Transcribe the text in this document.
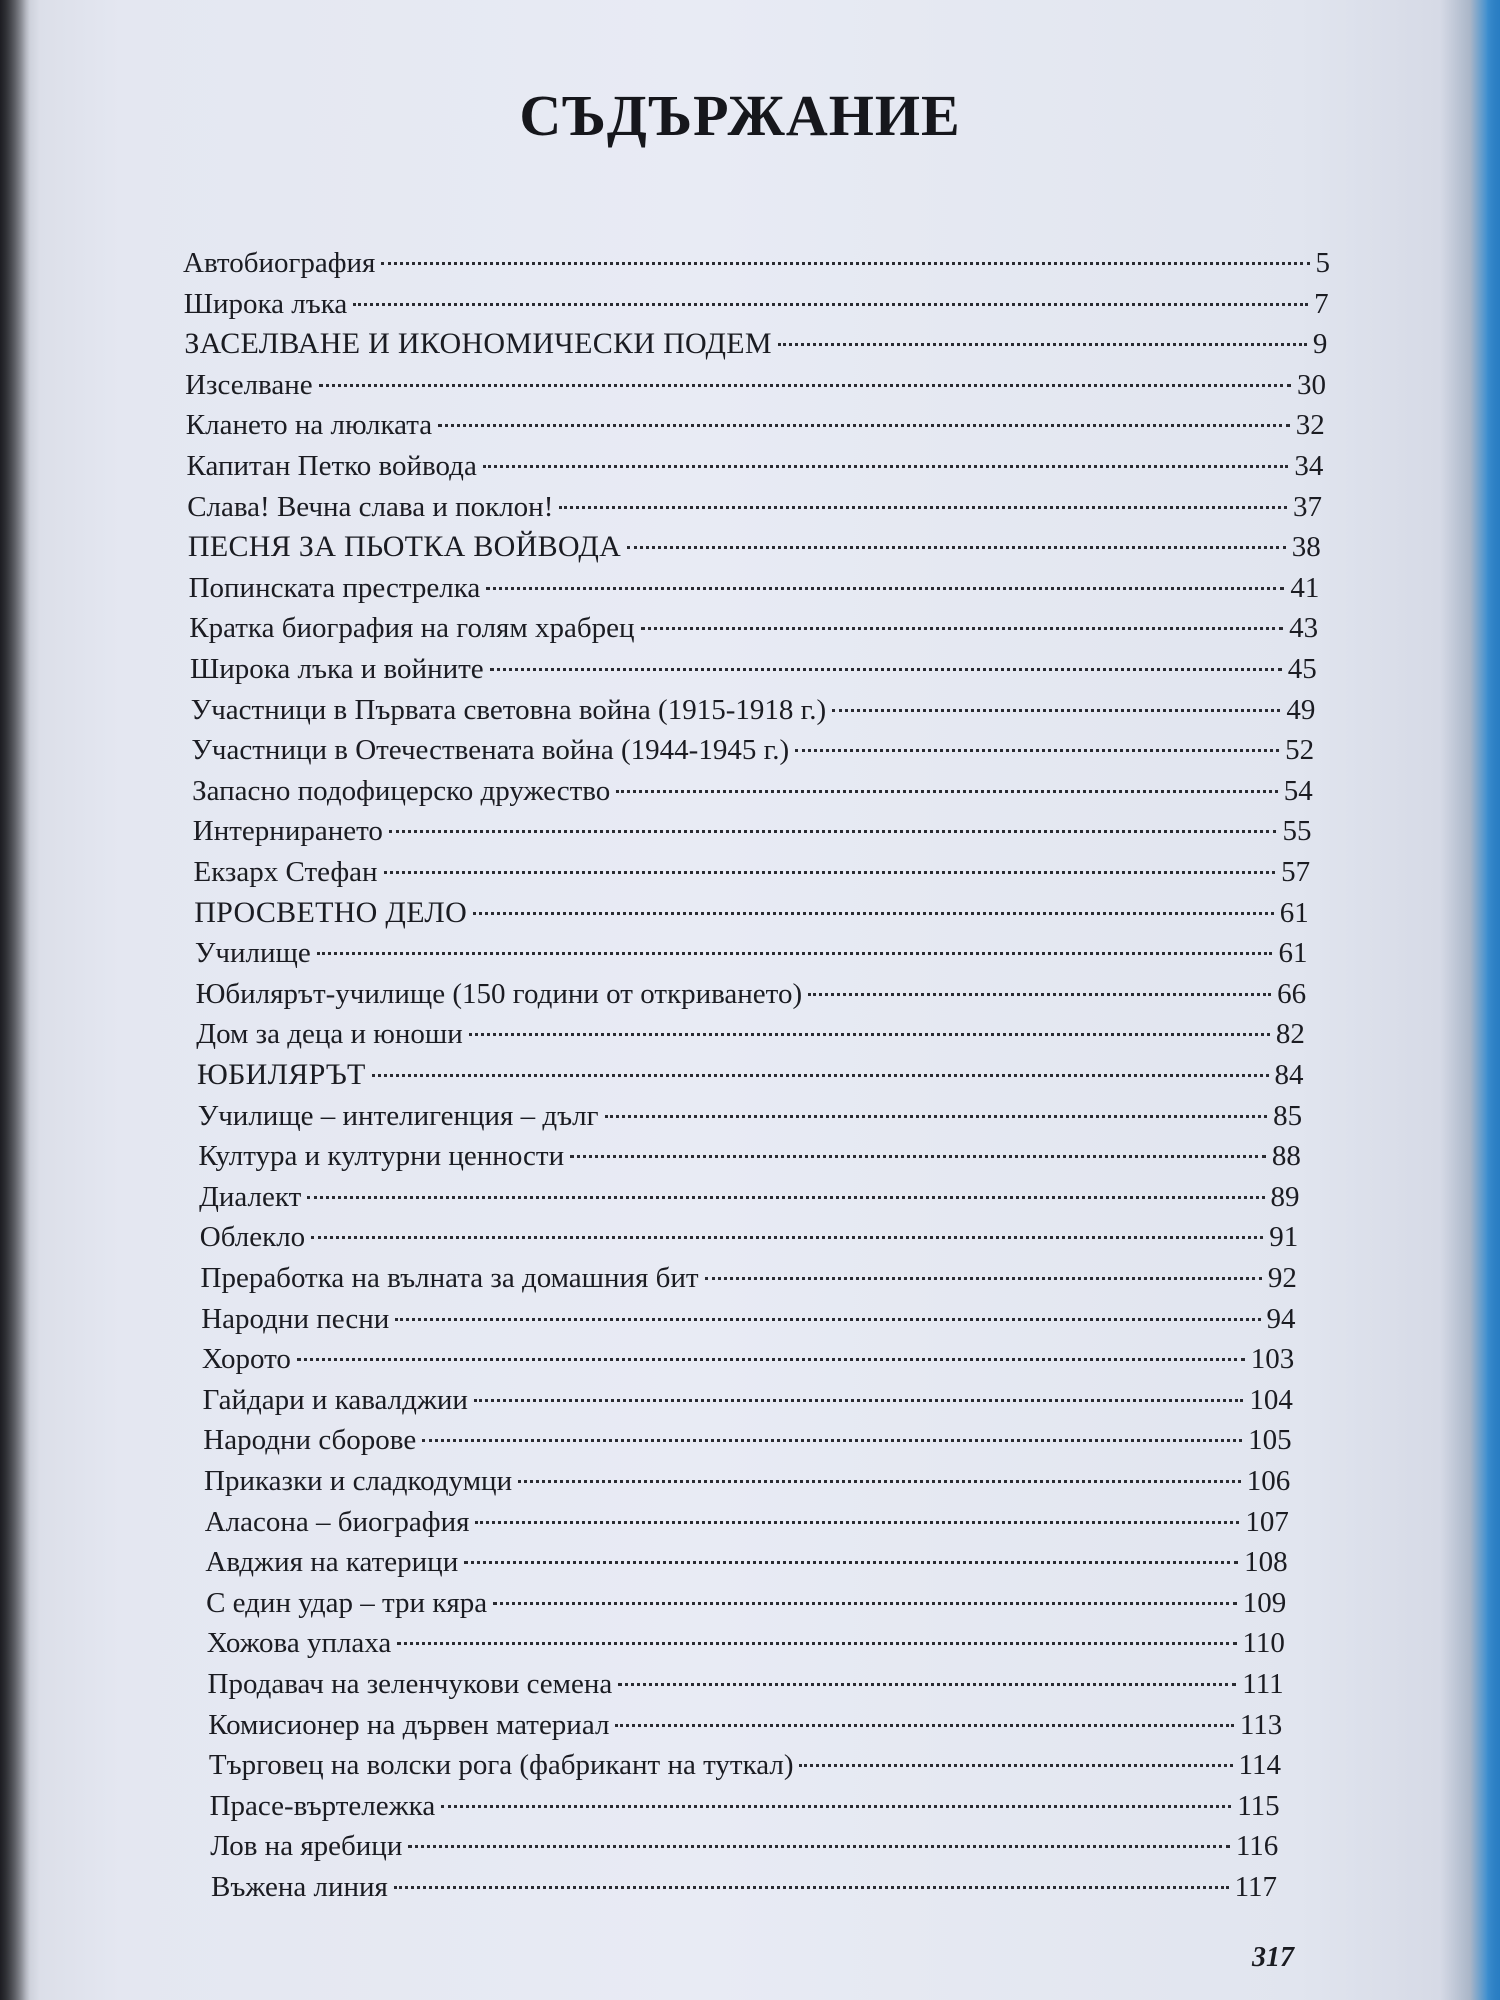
СЪДЪРЖАНИЕ
Автобиография	5
Широка лъка	7
ЗАСЕЛВАНЕ И ИКОНОМИЧЕСКИ ПОДЕМ	9
Изселване	30
Клането на люлката	32
Капитан Петко войвода	34
Слава! Вечна слава и поклон!	37
ПЕСНЯ ЗА ПЬОТКА ВОЙВОДА	38
Попинската престрелка	41
Кратка биография на голям храбрец	43
Широка лъка и войните	45
Участници в Първата световна война (1915-1918 г.)	49
Участници в Отечествената война (1944-1945 г.)	52
Запасно подофицерско дружество	54
Интернирането	55
Екзарх Стефан	57
ПРОСВЕТНО ДЕЛО	61
Училище	61
Юбилярът-училище (150 години от откриването)	66
Дом за деца и юноши	82
ЮБИЛЯРЪТ	84
Училище – интелигенция – дълг	85
Култура и културни ценности	88
Диалект	89
Облекло	91
Преработка на вълната за домашния бит	92
Народни песни	94
Хорото	103
Гайдари и кавалджии	104
Народни сборове	105
Приказки и сладкодумци	106
Аласона – биография	107
Авджия на катерици	108
С един удар – три кяра	109
Хожова уплаха	110
Продавач на зеленчукови семена	111
Комисионер на дървен материал	113
Търговец на волски рога (фабрикант на туткал)	114
Прасе-въртележка	115
Лов на яребици	116
Въжена линия	117
317
